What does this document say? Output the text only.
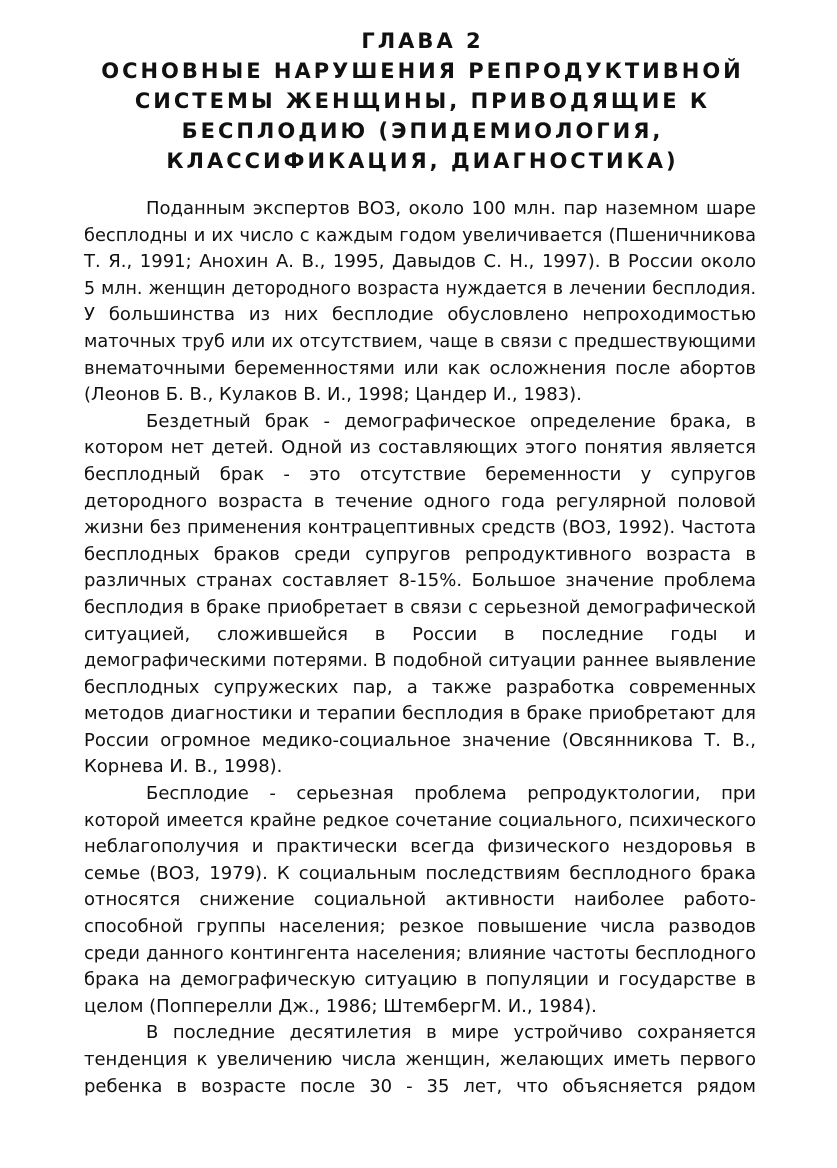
ГЛАВА 2
ОСНОВНЫЕ НАРУШЕНИЯ РЕПРОДУКТИВНОЙ
СИСТЕМЫ ЖЕНЩИНЫ, ПРИВОДЯЩИЕ К
БЕСПЛОДИЮ (ЭПИДЕМИОЛОГИЯ,
КЛАССИФИКАЦИЯ, ДИАГНОСТИКА)
Поданным экспертов ВОЗ, около 100 млн. пар наземном шаре
бесплодны и их число с каждым годом увеличивается (Пшеничникова
Т. Я., 1991; Анохин А. В., 1995, Давыдов С. Н., 1997). В России около
5 млн. женщин детородного возраста нуждается в лечении бесплодия.
У большинства из них бесплодие обусловлено непроходимостью
маточных труб или их отсутствием, чаще в связи с предшествующими
внематочными беременностями или как осложнения после абортов
(Леонов Б. В., Кулаков В. И., 1998; Цандер И., 1983).
Бездетный брак - демографическое определение брака, в
котором нет детей. Одной из составляющих этого понятия является
бесплодный брак - это отсутствие беременности у супругов
детородного возраста в течение одного года регулярной половой
жизни без применения контрацептивных средств (ВОЗ, 1992). Частота
бесплодных браков среди супругов репродуктивного возраста в
различных странах составляет 8-15%. Большое значение проблема
бесплодия в браке приобретает в связи с серьезной демографической
ситуацией, сложившейся в России в последние годы и
демографическими потерями. В подобной ситуации раннее выявление
бесплодных супружеских пар, а также разработка современных
методов диагностики и терапии бесплодия в браке приобретают для
России огромное медико-социальное значение (Овсянникова Т. В.,
Корнева И. В., 1998).
Бесплодие - серьезная проблема репродуктологии, при
которой имеется крайне редкое сочетание социального, психического
неблагополучия и практически всегда физического нездоровья в
семье (ВОЗ, 1979). К социальным последствиям бесплодного брака
относятся снижение социальной активности наиболее работо-
способной группы населения; резкое повышение числа разводов
среди данного контингента населения; влияние частоты бесплодного
брака на демографическую ситуацию в популяции и государстве в
целом (Попперелли Дж., 1986; ШтембергМ. И., 1984).
В последние десятилетия в мире устройчиво сохраняется
тенденция к увеличению числа женщин, желающих иметь первого
ребенка в возрасте после 30 - 35 лет, что объясняется рядом
